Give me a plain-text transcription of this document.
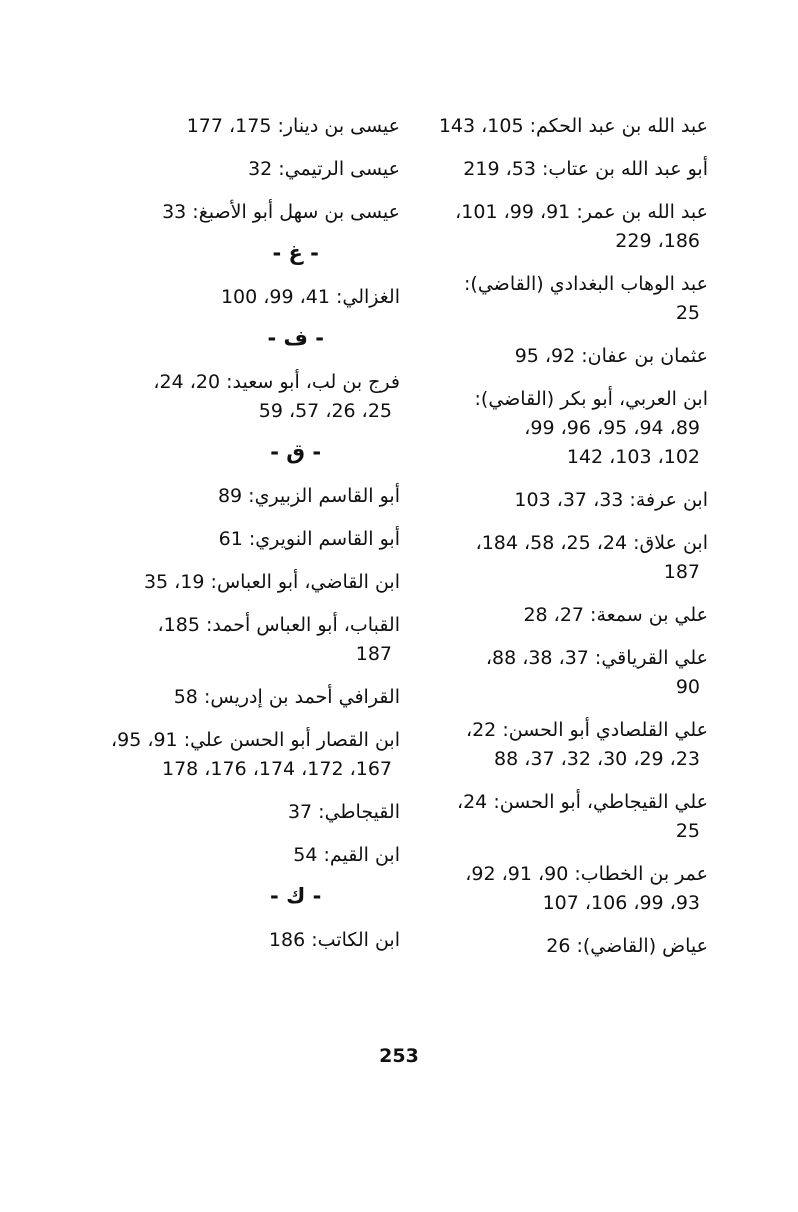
عبد الله بن عبد الحكم: 105، 143
أبو عبد الله بن عتاب: 53، 219
عبد الله بن عمر: 91، 99، 101،
186، 229
عبد الوهاب البغدادي (القاضي):
25
عثمان بن عفان: 92، 95
ابن العربي، أبو بكر (القاضي):
89، 94، 95، 96، 99،
102، 103، 142
ابن عرفة: 33، 37، 103
ابن علاق: 24، 25، 58، 184،
187
علي بن سمعة: 27، 28
علي القرياقي: 37، 38، 88،
90
علي القلصادي أبو الحسن: 22،
23، 29، 30، 32، 37، 88
علي القيجاطي، أبو الحسن: 24،
25
عمر بن الخطاب: 90، 91، 92،
93، 99، 106، 107
عياض (القاضي): 26
عيسى بن دينار: 175، 177
عيسى الرتيمي: 32
عيسى بن سهل أبو الأصبغ: 33
- غ -
الغزالي: 41، 99، 100
- ف -
فرج بن لب، أبو سعيد: 20، 24،
25، 26، 57، 59
- ق -
أبو القاسم الزبيري: 89
أبو القاسم النويري: 61
ابن القاضي، أبو العباس: 19، 35
القباب، أبو العباس أحمد: 185،
187
القرافي أحمد بن إدريس: 58
ابن القصار أبو الحسن علي: 91، 95،
167، 172، 174، 176، 178
القيجاطي: 37
ابن القيم: 54
- ك -
ابن الكاتب: 186
253
